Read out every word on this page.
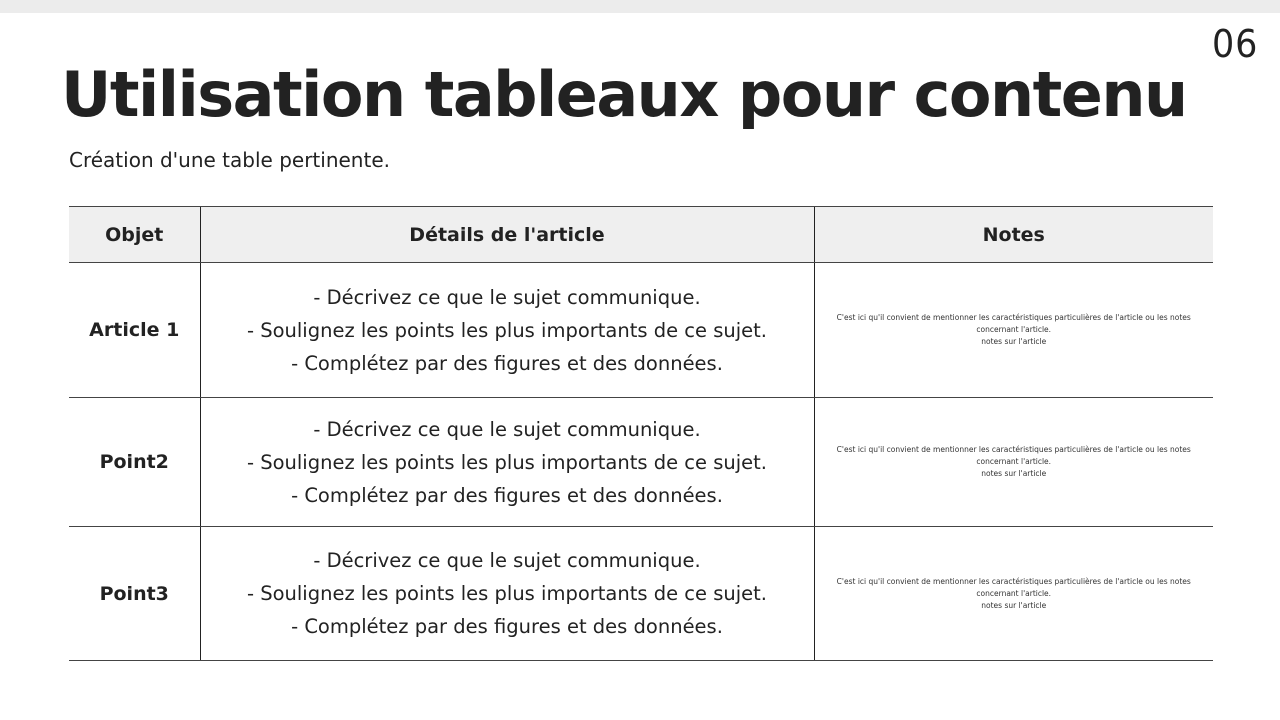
06
Utilisation tableaux pour contenu

Création d'une table pertinente.

Objet	Détails de l'article	Notes
Article 1	- Décrivez ce que le sujet communique.
- Soulignez les points les plus importants de ce sujet.
- Complétez par des figures et des données.	C'est ici qu'il convient de mentionner les caractéristiques particulières de l'article ou les notes concernant l'article.
notes sur l'article

Point2	- Décrivez ce que le sujet communique.
- Soulignez les points les plus importants de ce sujet.
- Complétez par des figures et des données.	C'est ici qu'il convient de mentionner les caractéristiques particulières de l'article ou les notes concernant l'article.
notes sur l'article

Point3	- Décrivez ce que le sujet communique.
- Soulignez les points les plus importants de ce sujet.
- Complétez par des figures et des données.	C'est ici qu'il convient de mentionner les caractéristiques particulières de l'article ou les notes concernant l'article.
notes sur l'article
